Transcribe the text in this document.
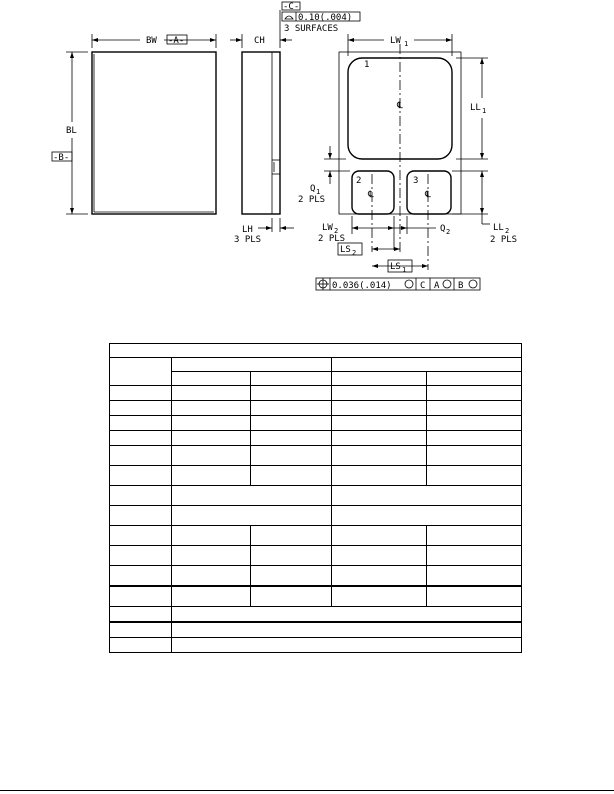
BW -A-
BL
-B-
CH
-C-
0.10(.004)
3 SURFACES
LH
3 PLS
1
2	3
℄
℄	℄
LW 1
LL 1
Q 1
2 PLS
LL 2
2 PLS
LW 2
2 PLS
Q 2
LS 2
LS 1
0.036(.014)	C A B
